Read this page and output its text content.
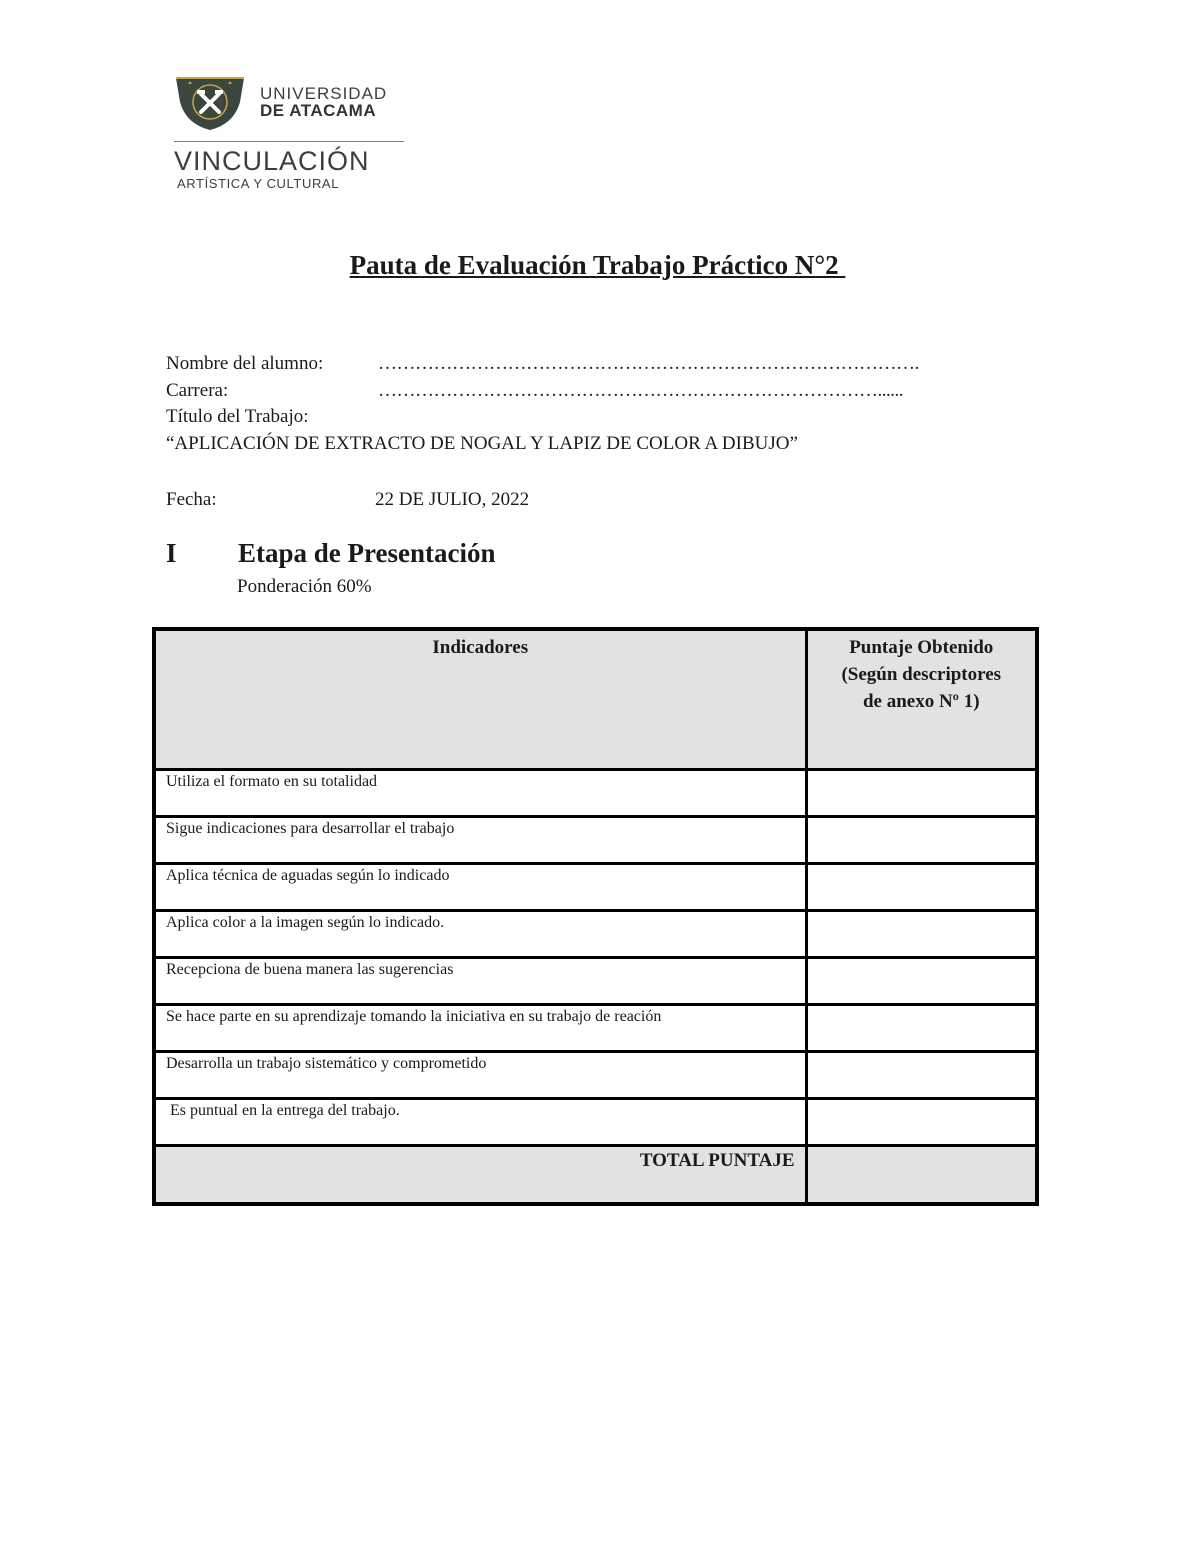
UNIVERSIDAD
DE ATACAMA
VINCULACIÓN
ARTÍSTICA Y CULTURAL
Pauta de Evaluación Trabajo Práctico N°2
Nombre del alumno:	…………………………………………………………………………….
Carrera:	………………………………………………………………………......
Título del Trabajo:
“APLICACIÓN DE EXTRACTO DE NOGAL Y LAPIZ DE COLOR A DIBUJO”
Fecha:	22 DE JULIO, 2022
I Etapa de Presentación
Ponderación 60%
Indicadores	Puntaje Obtenido
(Según descriptores
de anexo Nº 1)

Utiliza el formato en su totalidad	
Sigue indicaciones para desarrollar el trabajo	
Aplica técnica de aguadas según lo indicado	
Aplica color a la imagen según lo indicado.	
Recepciona de buena manera las sugerencias	
Se hace parte en su aprendizaje tomando la iniciativa en su trabajo de reación	
Desarrolla un trabajo sistemático y comprometido	
Es puntual en la entrega del trabajo.	
TOTAL PUNTAJE	
